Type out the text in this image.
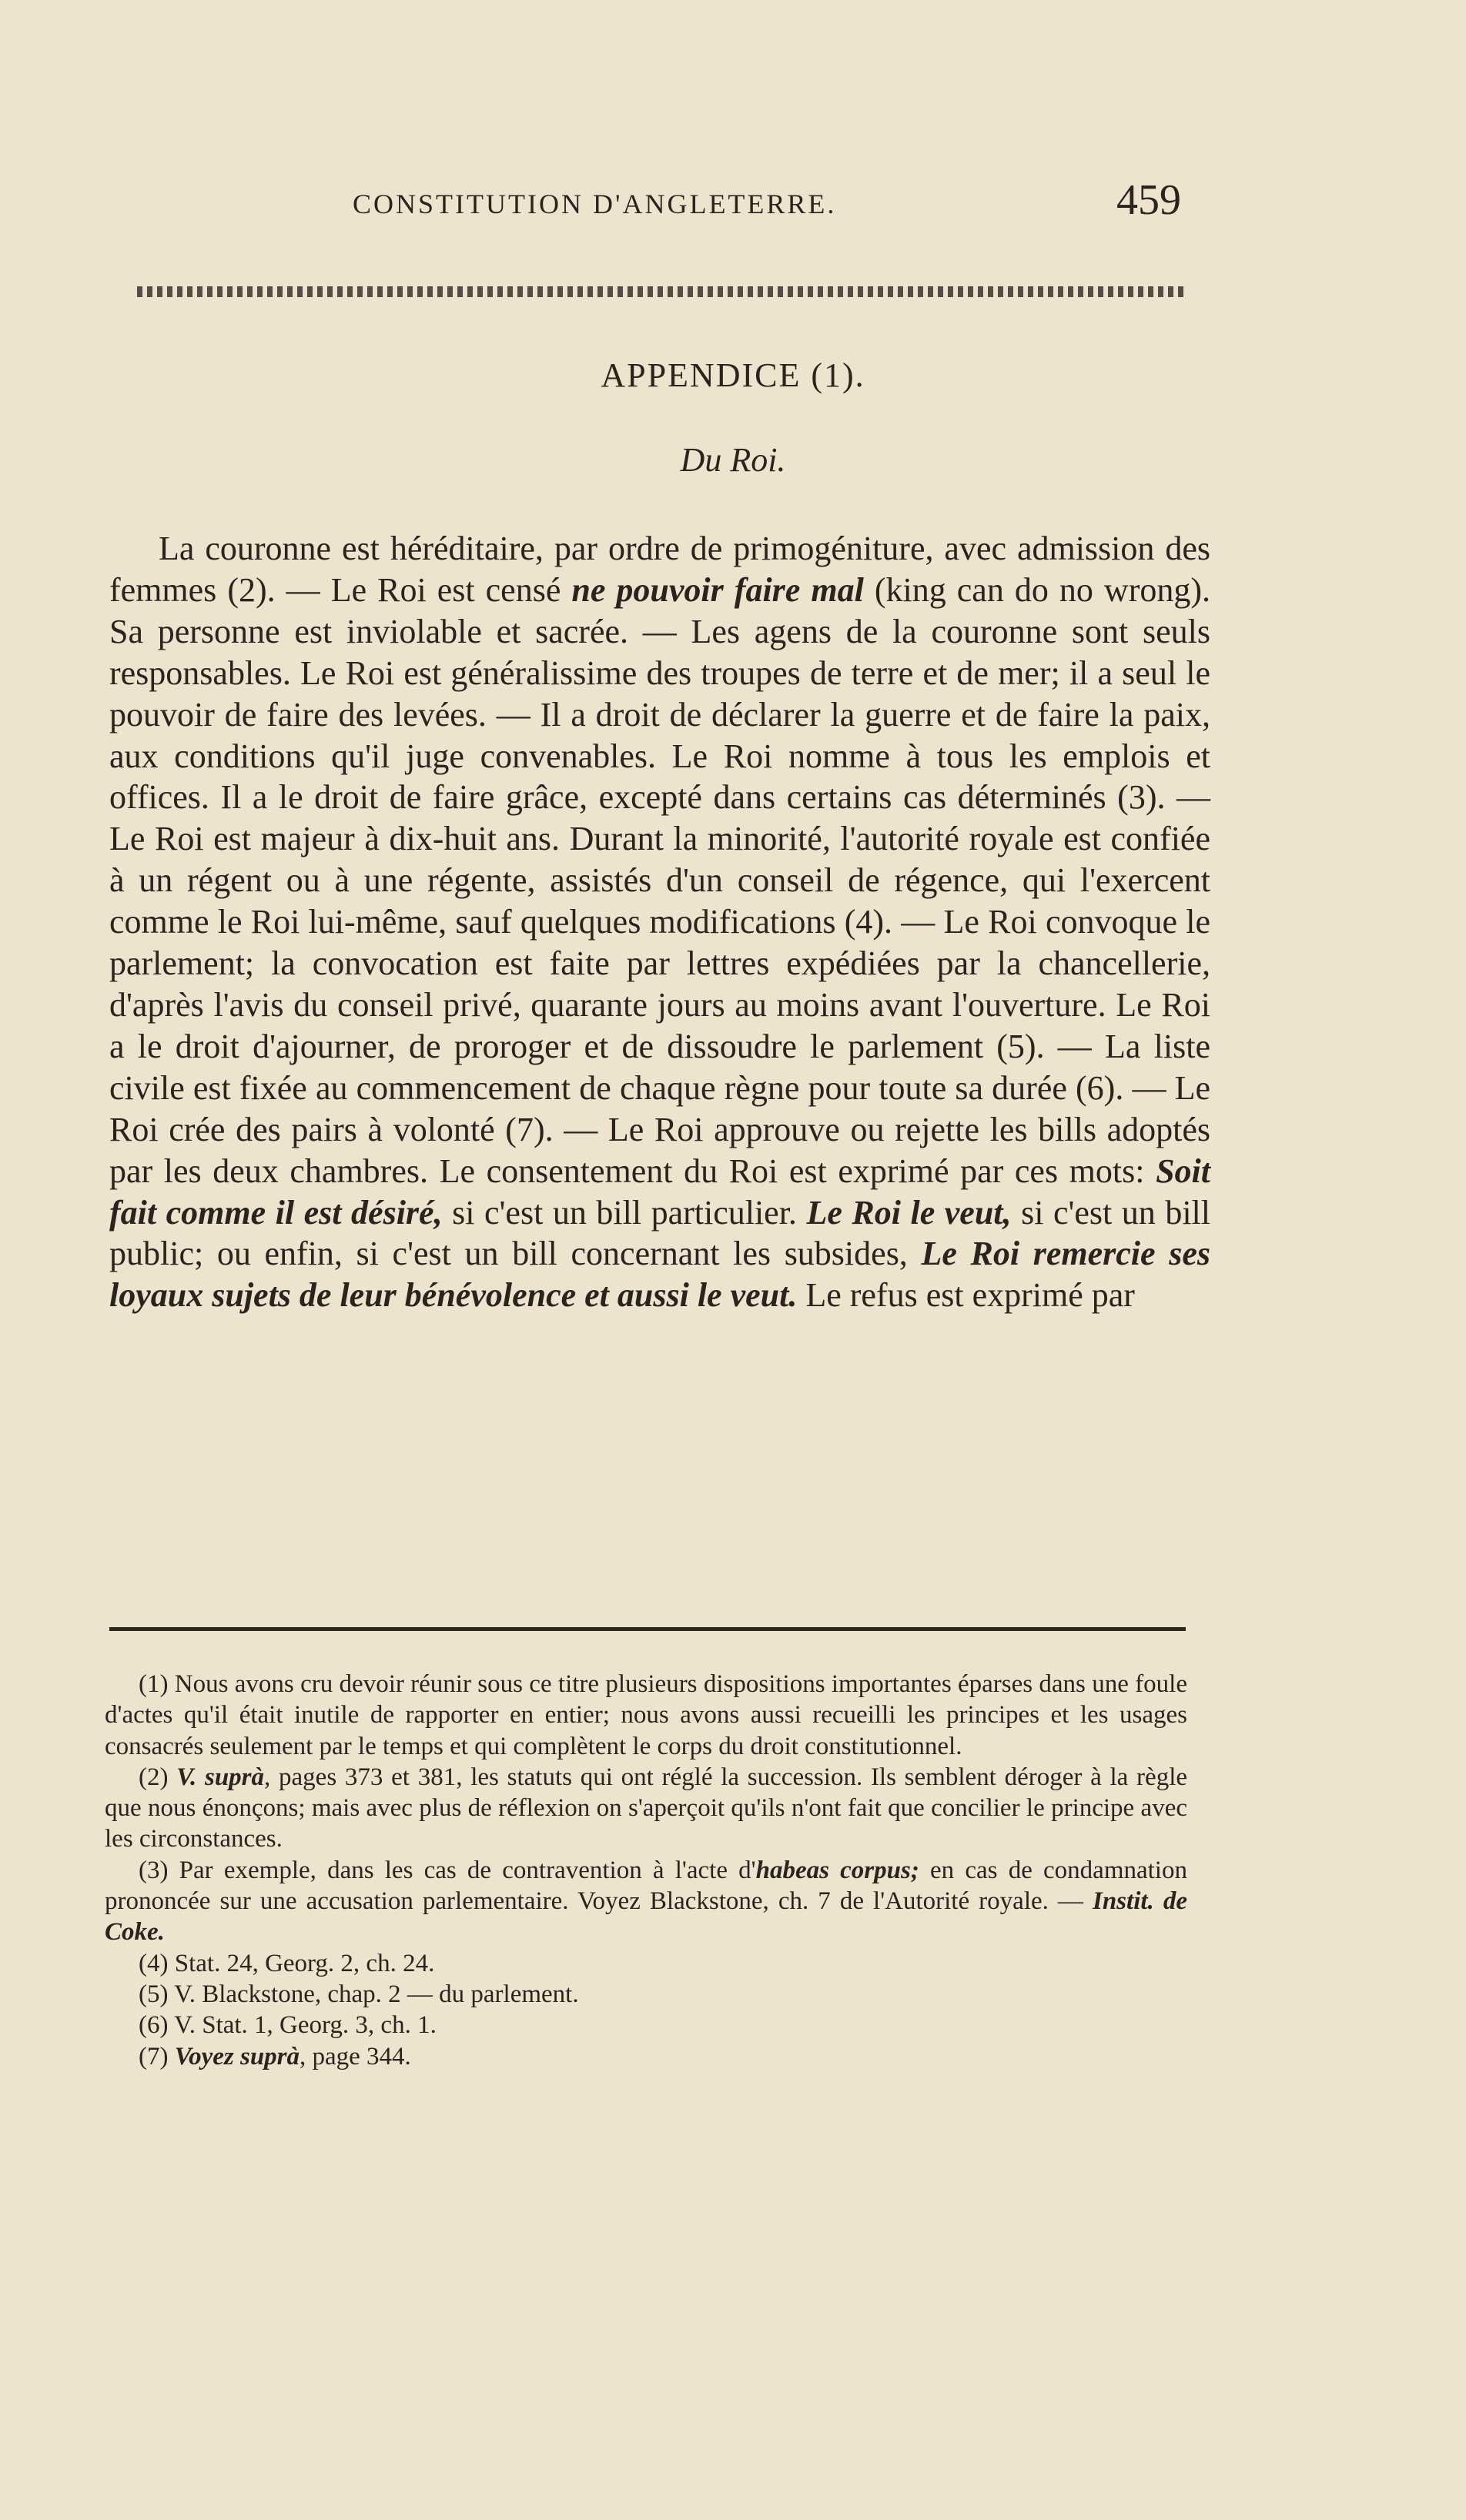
CONSTITUTION D'ANGLETERRE.	459
APPENDICE (1).
Du Roi.

La couronne est héréditaire, par ordre de primogéniture, avec admission des femmes (2). — Le Roi est censé ne pouvoir faire mal (king can do no wrong). Sa personne est inviolable et sacrée. — Les agens de la couronne sont seuls responsables. Le Roi est généralissime des troupes de terre et de mer; il a seul le pouvoir de faire des levées. — Il a droit de déclarer la guerre et de faire la paix, aux conditions qu'il juge convenables. Le Roi nomme à tous les emplois et offices. Il a le droit de faire grâce, excepté dans certains cas déterminés (3). — Le Roi est majeur à dix-huit ans. Durant la minorité, l'autorité royale est confiée à un régent ou à une régente, assistés d'un conseil de régence, qui l'exercent comme le Roi lui-même, sauf quelques modifications (4). — Le Roi convoque le parlement; la convocation est faite par lettres expédiées par la chancellerie, d'après l'avis du conseil privé, quarante jours au moins avant l'ouverture. Le Roi a le droit d'ajourner, de proroger et de dissoudre le parlement (5). — La liste civile est fixée au commencement de chaque règne pour toute sa durée (6). — Le Roi crée des pairs à volonté (7). — Le Roi approuve ou rejette les bills adoptés par les deux chambres. Le consentement du Roi est exprimé par ces mots: Soit fait comme il est désiré, si c'est un bill particulier. Le Roi le veut, si c'est un bill public; ou enfin, si c'est un bill concernant les subsides, Le Roi remercie ses loyaux sujets de leur bénévolence et aussi le veut. Le refus est exprimé par

(1) Nous avons cru devoir réunir sous ce titre plusieurs dispositions importantes éparses dans une foule d'actes qu'il était inutile de rapporter en entier; nous avons aussi recueilli les principes et les usages consacrés seulement par le temps et qui complètent le corps du droit constitutionnel.

(2) V. suprà, pages 373 et 381, les statuts qui ont réglé la succession. Ils semblent déroger à la règle que nous énonçons; mais avec plus de réflexion on s'aperçoit qu'ils n'ont fait que concilier le principe avec les circonstances.

(3) Par exemple, dans les cas de contravention à l'acte d'habeas corpus; en cas de condamnation prononcée sur une accusation parlementaire. Voyez Blackstone, ch. 7 de l'Autorité royale. — Instit. de Coke.

(4) Stat. 24, Georg. 2, ch. 24.

(5) V. Blackstone, chap. 2 — du parlement.

(6) V. Stat. 1, Georg. 3, ch. 1.

(7) Voyez suprà, page 344.
